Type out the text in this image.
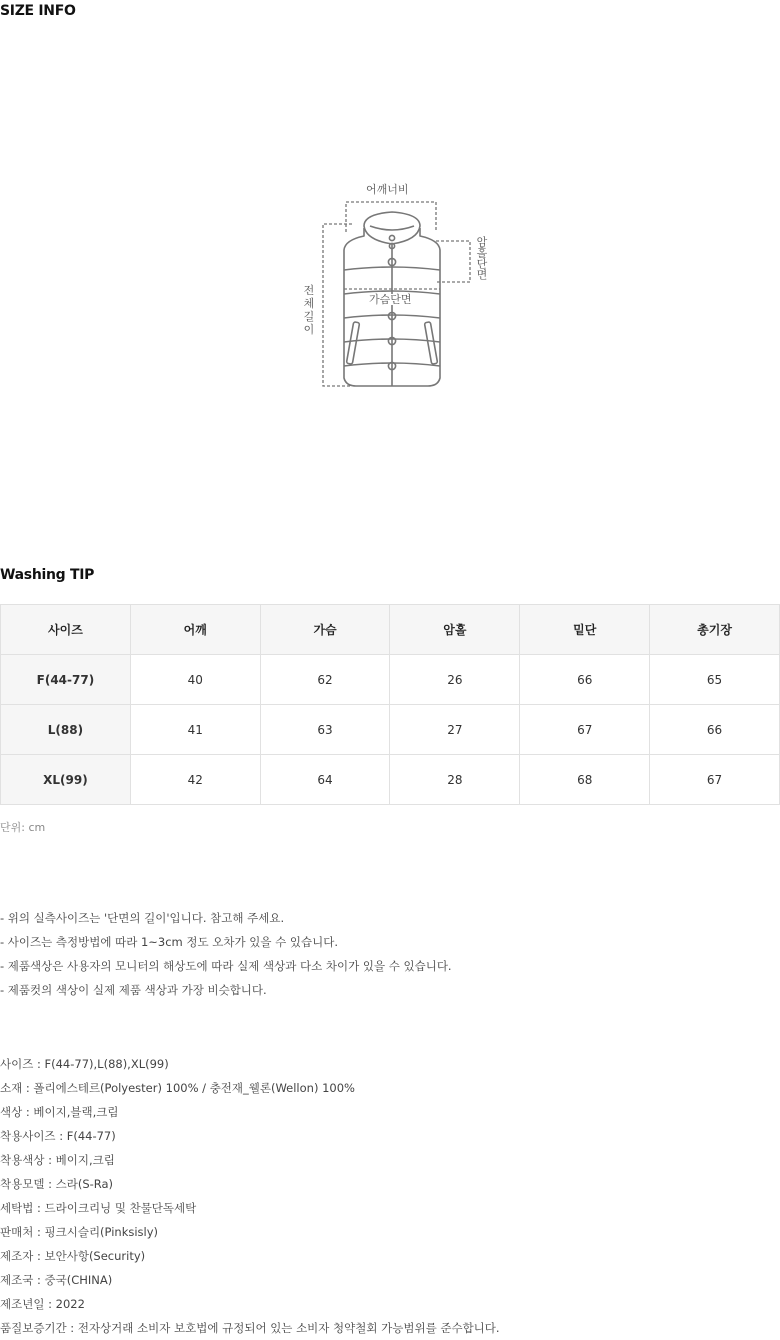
SIZE INFO
어깨너비
가슴단면
암홀단면
전체길이
Washing TIP
사이즈	어깨	가슴	암홀	밑단	총기장
F(44-77)	40	62	26	66	65
L(88)	41	63	27	67	66
XL(99)	42	64	28	68	67
단위: cm
- 위의 실측사이즈는 '단면의 길이'입니다. 참고해 주세요.
- 사이즈는 측정방법에 따라 1~3cm 정도 오차가 있을 수 있습니다.
- 제품색상은 사용자의 모니터의 해상도에 따라 실제 색상과 다소 차이가 있을 수 있습니다.
- 제품컷의 색상이 실제 제품 색상과 가장 비슷합니다.
사이즈 : F(44-77),L(88),XL(99)
소재 : 폴리에스테르(Polyester) 100% / 충전재_웰론(Wellon) 100%
색상 : 베이지,블랙,크림
착용사이즈 : F(44-77)
착용색상 : 베이지,크림
착용모델 : 스라(S-Ra)
세탁법 : 드라이크리닝 및 찬물단독세탁
판매처 : 핑크시슬리(Pinksisly)
제조자 : 보안사항(Security)
제조국 : 중국(CHINA)
제조년일 : 2022
품질보증기간 : 전자상거래 소비자 보호법에 규정되어 있는 소비자 청약철회 가능범위를 준수합니다.
